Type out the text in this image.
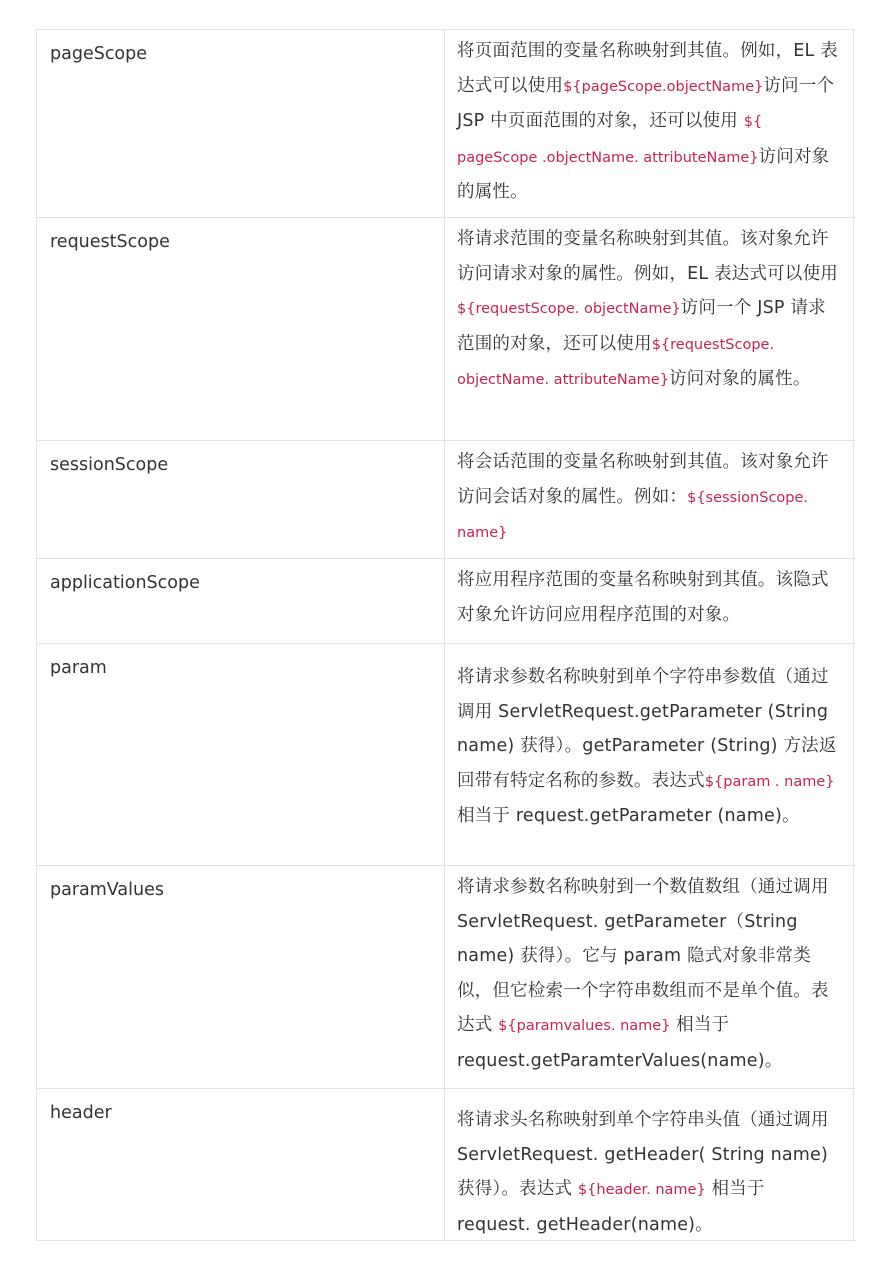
pageScope	将页面范围的变量名称映射到其值。例如，EL 表达式可以使用${pageScope.objectName}访问一个 JSP 中页面范围的对象，还可以使用 ${ pageScope .objectName. attributeName}访问对象的属性。
requestScope	将请求范围的变量名称映射到其值。该对象允许访问请求对象的属性。例如，EL 表达式可以使用${requestScope. objectName}访问一个 JSP 请求范围的对象，还可以使用${requestScope. objectName. attributeName}访问对象的属性。
sessionScope	将会话范围的变量名称映射到其值。该对象允许访问会话对象的属性。例如：${sessionScope. name}
applicationScope	将应用程序范围的变量名称映射到其值。该隐式对象允许访问应用程序范围的对象。
param	将请求参数名称映射到单个字符串参数值（通过调用 ServletRequest.getParameter (String name) 获得）。getParameter (String) 方法返回带有特定名称的参数。表达式${param . name}相当于 request.getParameter (name)。
paramValues	将请求参数名称映射到一个数值数组（通过调用 ServletRequest. getParameter（String name) 获得）。它与 param 隐式对象非常类似，但它检索一个字符串数组而不是单个值。表达式 ${paramvalues. name} 相当于 request.getParamterValues(name)。
header	将请求头名称映射到单个字符串头值（通过调用 ServletRequest. getHeader( String name) 获得）。表达式 ${header. name} 相当于 request. getHeader(name)。
